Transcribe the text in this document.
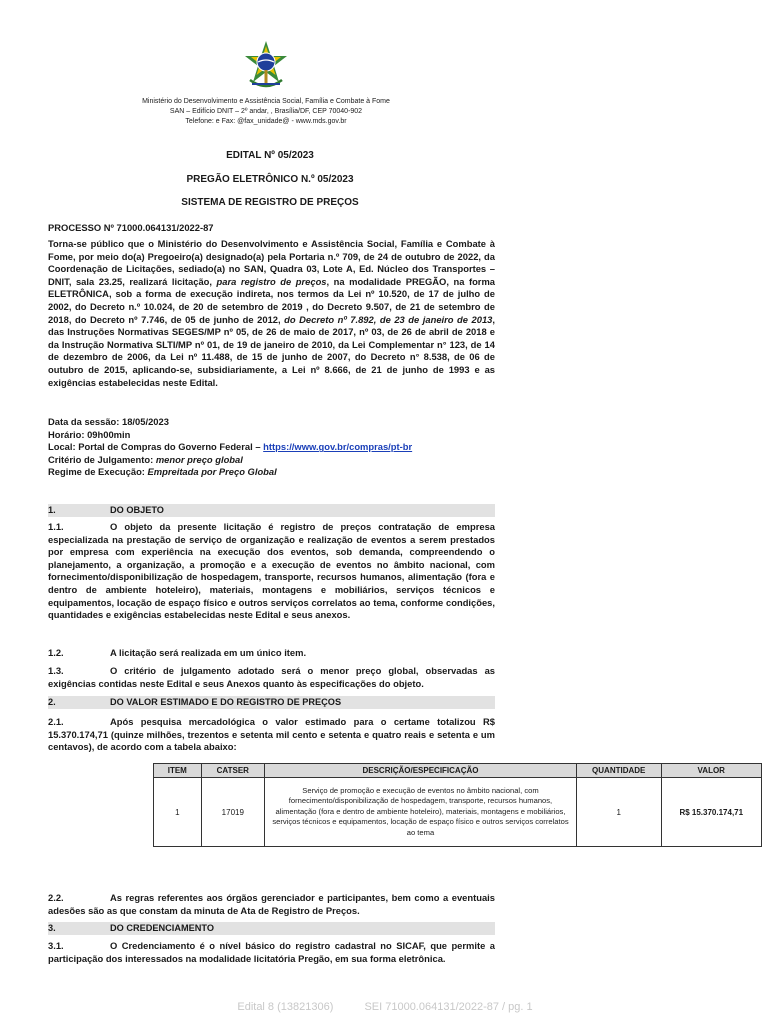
Ministério do Desenvolvimento e Assistência Social, Família e Combate à Fome
SAN – Edifício DNIT – 2º andar, , Brasília/DF, CEP 70040-902
Telefone: e Fax: @fax_unidade@ - www.mds.gov.br
EDITAL Nº 05/2023
PREGÃO ELETRÔNICO N.º 05/2023
SISTEMA DE REGISTRO DE PREÇOS
PROCESSO Nº 71000.064131/2022-87
Torna-se público que o Ministério do Desenvolvimento e Assistência Social, Família e Combate à Fome, por meio do(a) Pregoeiro(a) designado(a) pela Portaria n.º 709, de 24 de outubro de 2022, da Coordenação de Licitações, sediado(a) no SAN, Quadra 03, Lote A, Ed. Núcleo dos Transportes – DNIT, sala 23.25, realizará licitação, para registro de preços, na modalidade PREGÃO, na forma ELETRÔNICA, sob a forma de execução indireta, nos termos da Lei nº 10.520, de 17 de julho de 2002, do Decreto n.º 10.024, de 20 de setembro de 2019 , do Decreto 9.507, de 21 de setembro de 2018, do Decreto nº 7.746, de 05 de junho de 2012, do Decreto nº 7.892, de 23 de janeiro de 2013, das Instruções Normativas SEGES/MP nº 05, de 26 de maio de 2017, nº 03, de 26 de abril de 2018 e da Instrução Normativa SLTI/MP nº 01, de 19 de janeiro de 2010, da Lei Complementar n° 123, de 14 de dezembro de 2006, da Lei nº 11.488, de 15 de junho de 2007, do Decreto n° 8.538, de 06 de outubro de 2015, aplicando-se, subsidiariamente, a Lei nº 8.666, de 21 de junho de 1993 e as exigências estabelecidas neste Edital.
Data da sessão: 18/05/2023
Horário: 09h00min
Local: Portal de Compras do Governo Federal – https://www.gov.br/compras/pt-br
Critério de Julgamento: menor preço global
Regime de Execução: Empreitada por Preço Global
1.	DO OBJETO
1.1.	O objeto da presente licitação é registro de preços contratação de empresa especializada na prestação de serviço de organização e realização de eventos a serem prestados por empresa com experiência na execução dos eventos, sob demanda, compreendendo o planejamento, a organização, a promoção e a execução de eventos no âmbito nacional, com fornecimento/disponibilização de hospedagem, transporte, recursos humanos, alimentação (fora e dentro de ambiente hoteleiro), materiais, montagens e mobiliários, serviços técnicos e equipamentos, locação de espaço físico e outros serviços correlatos ao tema, conforme condições, quantidades e exigências estabelecidas neste Edital e seus anexos.
1.2.	A licitação será realizada em um único item.
1.3.	O critério de julgamento adotado será o menor preço global, observadas as exigências contidas neste Edital e seus Anexos quanto às especificações do objeto.
2.	DO VALOR ESTIMADO E DO REGISTRO DE PREÇOS
2.1.	Após pesquisa mercadológica o valor estimado para o certame totalizou R$ 15.370.174,71 (quinze milhões, trezentos e setenta mil cento e setenta e quatro reais e setenta e um centavos), de acordo com a tabela abaixo:
ITEM	CATSER	DESCRIÇÃO/ESPECIFICAÇÃO	QUANTIDADE	VALOR
1	17019	Serviço de promoção e execução de eventos no âmbito nacional, com fornecimento/disponibilização de hospedagem, transporte, recursos humanos, alimentação (fora e dentro de ambiente hoteleiro), materiais, montagens e mobiliários, serviços técnicos e equipamentos, locação de espaço físico e outros serviços correlatos ao tema	1	R$ 15.370.174,71
2.2.	As regras referentes aos órgãos gerenciador e participantes, bem como a eventuais adesões são as que constam da minuta de Ata de Registro de Preços.
3.	DO CREDENCIAMENTO
3.1.	O Credenciamento é o nível básico do registro cadastral no SICAF, que permite a participação dos interessados na modalidade licitatória Pregão, em sua forma eletrônica.
Edital 8 (13821306)	SEI 71000.064131/2022-87 / pg. 1
